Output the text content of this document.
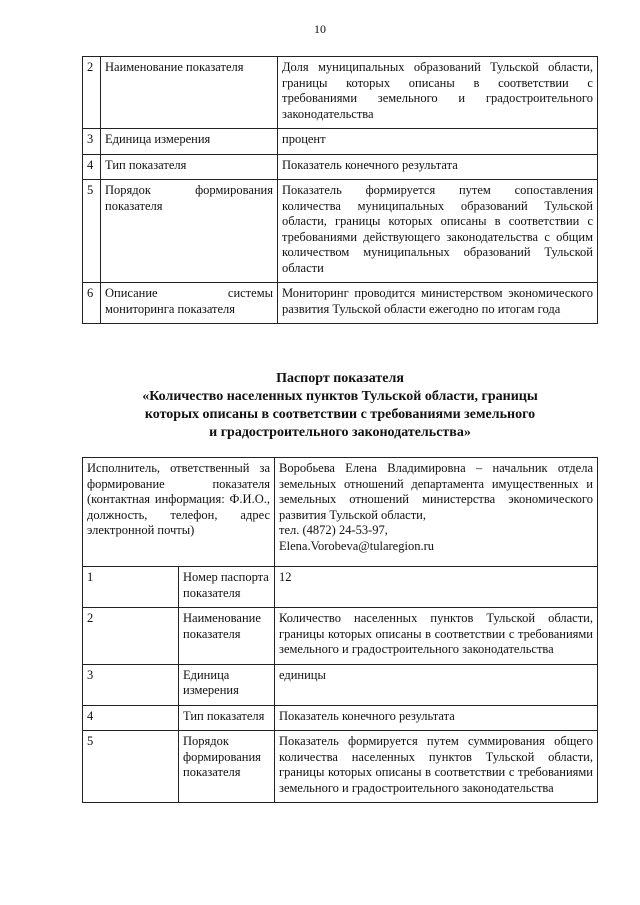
10
2	Наименование показателя	Доля муниципальных образований Тульской области, границы которых описаны в соответствии с требованиями земельного и градостроительного законодательства
3	Единица измерения	процент
4	Тип показателя	Показатель конечного результата
5	Порядок формирования показателя	Показатель формируется путем сопоставления количества муниципальных образований Тульской области, границы которых описаны в соответствии с требованиями действующего законодательства с общим количеством муниципальных образований Тульской области
6	Описание системы мониторинга показателя	Мониторинг проводится министерством экономического развития Тульской области ежегодно по итогам года
Паспорт показателя
«Количество населенных пунктов Тульской области, границы
которых описаны в соответствии с требованиями земельного
и градостроительного законодательства»
Исполнитель, ответственный за формирование показателя (контактная информация: Ф.И.О., должность, телефон, адрес электронной почты)		Воробьева Елена Владимировна – начальник отдела земельных отношений департамента имущественных и земельных отношений министерства экономического развития Тульской области,
тел. (4872) 24-53-97,
Elena.Vorobeva@tularegion.ru

1	Номер паспорта показателя	12
2	Наименование показателя	Количество населенных пунктов Тульской области, границы которых описаны в соответствии с требованиями земельного и градостроительного законодательства
3	Единица измерения	единицы
4	Тип показателя	Показатель конечного результата
5	Порядок формирования показателя	Показатель формируется путем суммирования общего количества населенных пунктов Тульской области, границы которых описаны в соответствии с требованиями земельного и градостроительного законодательства
